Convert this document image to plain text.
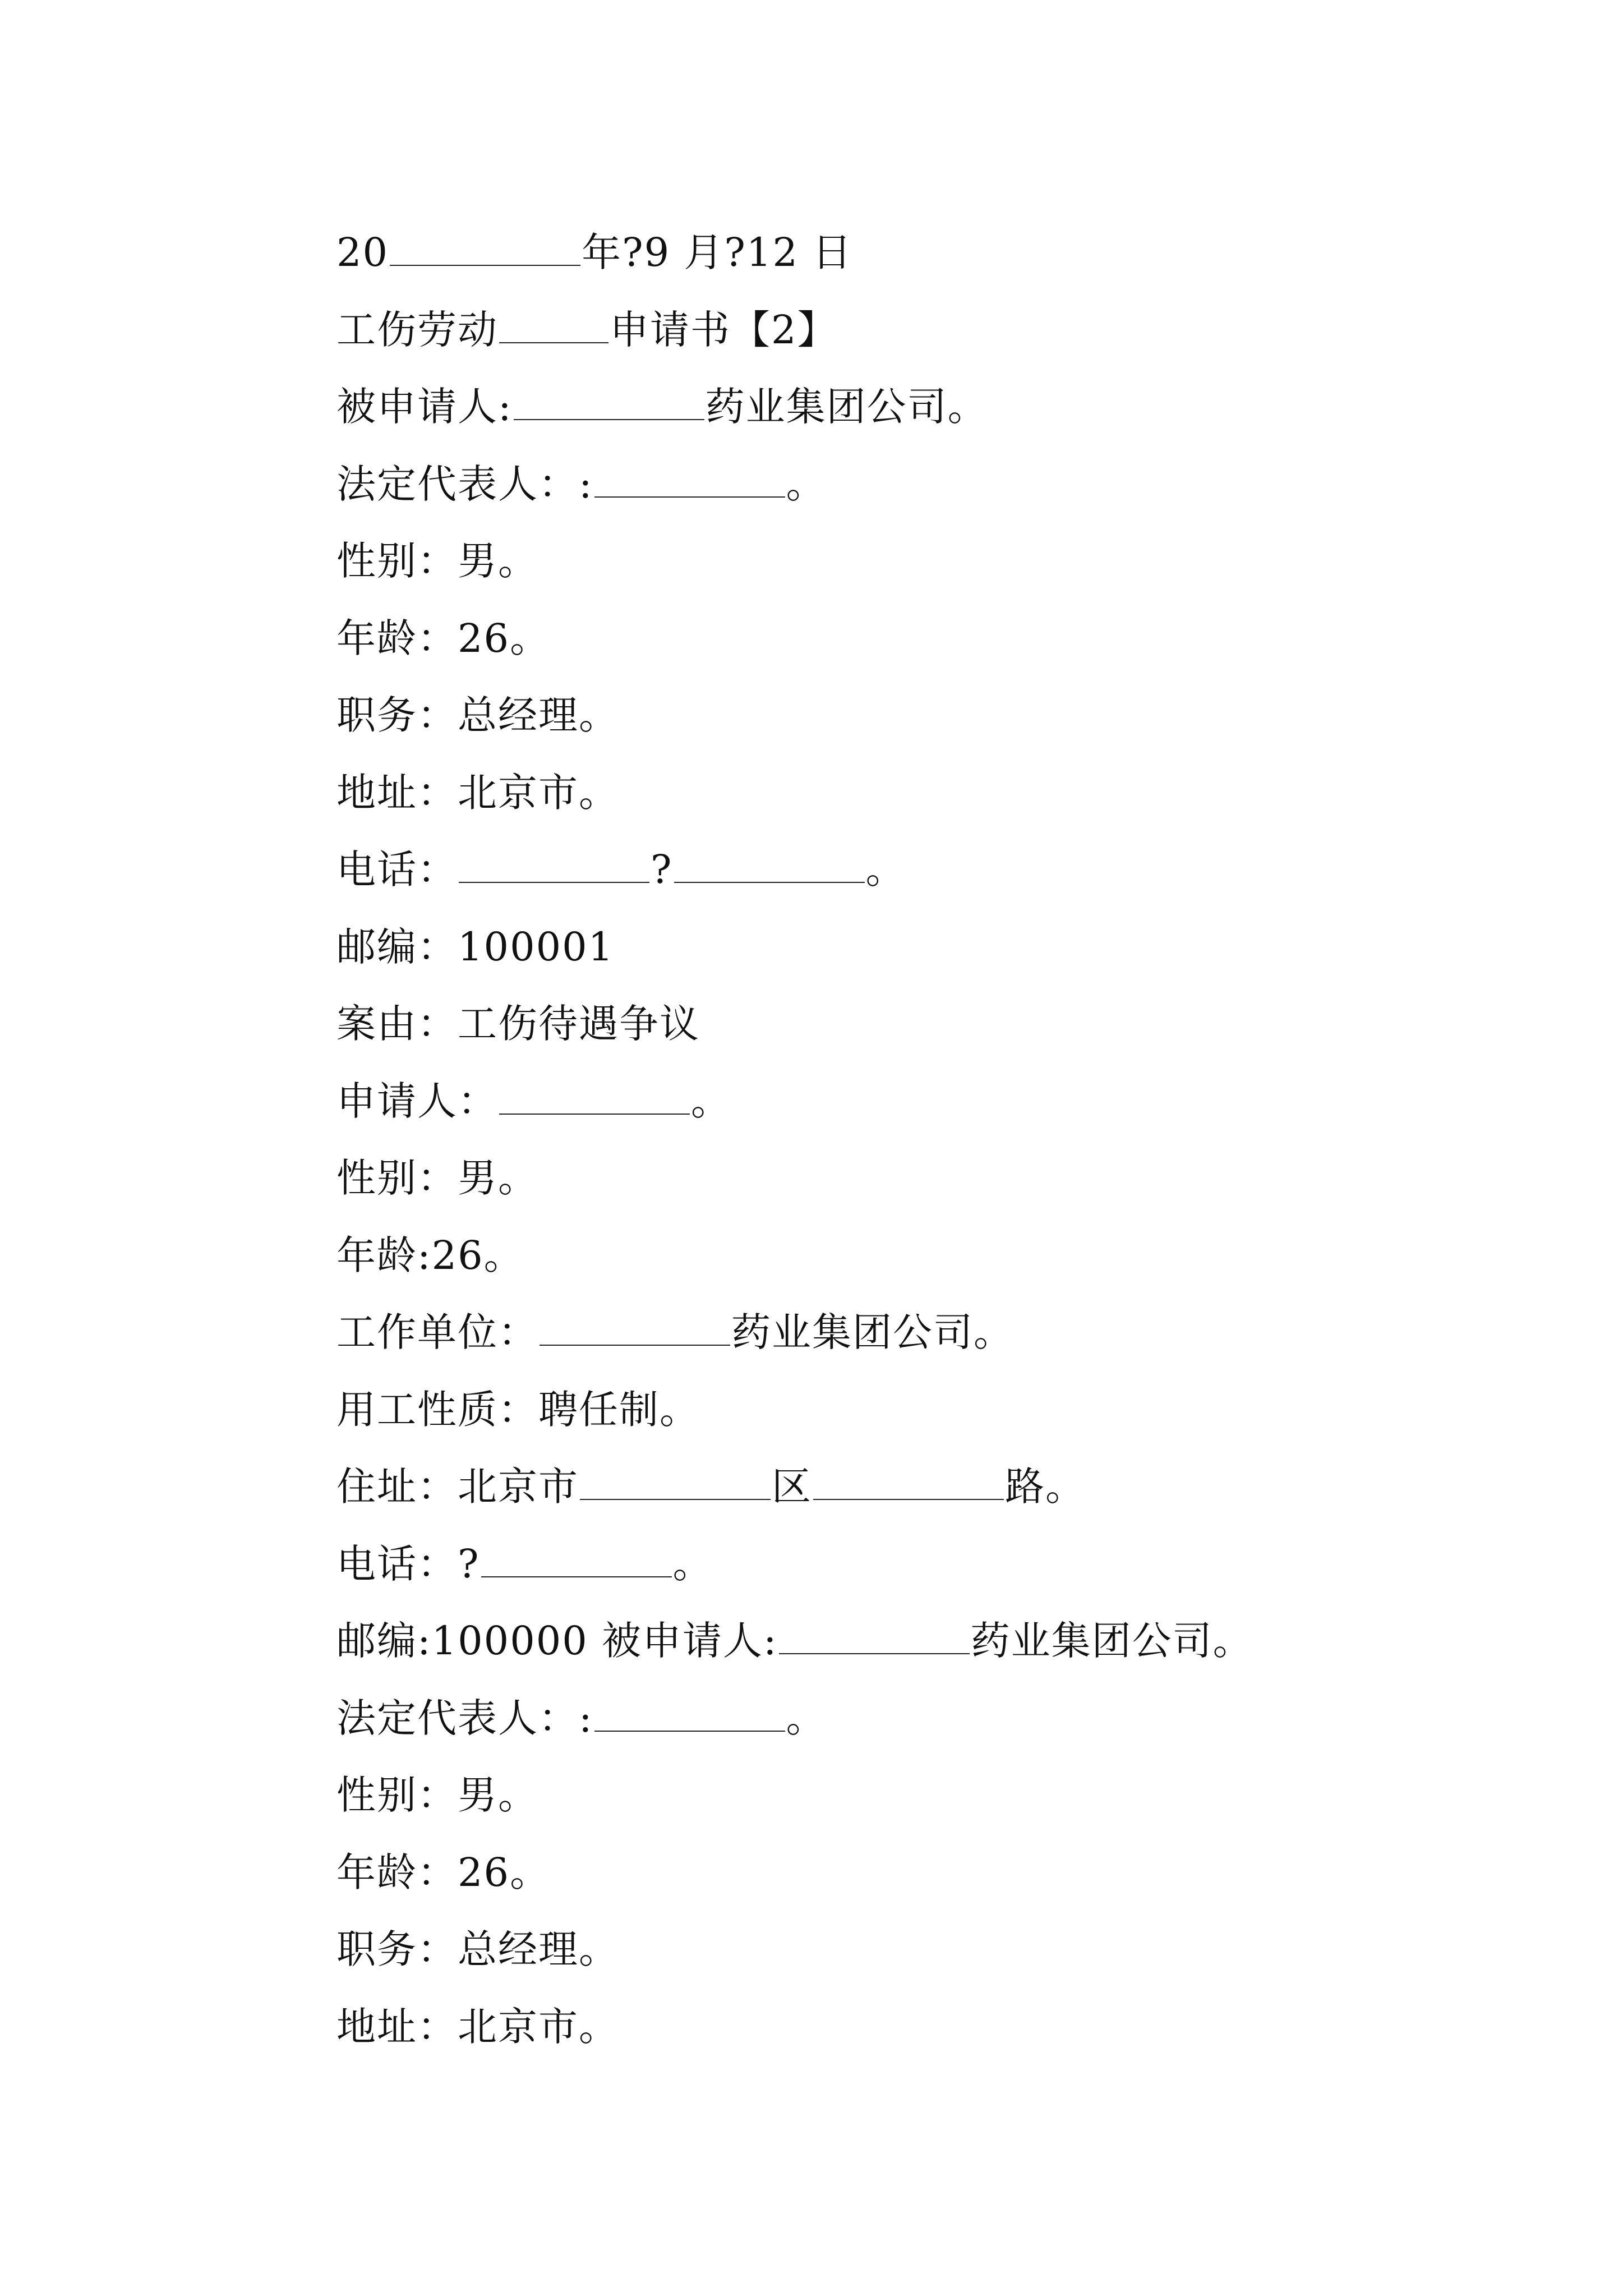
20	年?9 月?12 日
工伤劳动	申请书【2】
被申请人:	药业集团公司。
法定代表人：:	。
性别：男。
年龄：26。
职务：总经理。
地址：北京市。
电话：	?	。
邮编：100001
案由：工伤待遇争议
申请人：	。
性别：男。
年龄:26。
工作单位：	药业集团公司。
用工性质：聘任制。
住址：北京市	区	路。
电话：?	。
邮编:100000 被申请人:	药业集团公司。
法定代表人：:	。
性别：男。
年龄：26。
职务：总经理。
地址：北京市。
